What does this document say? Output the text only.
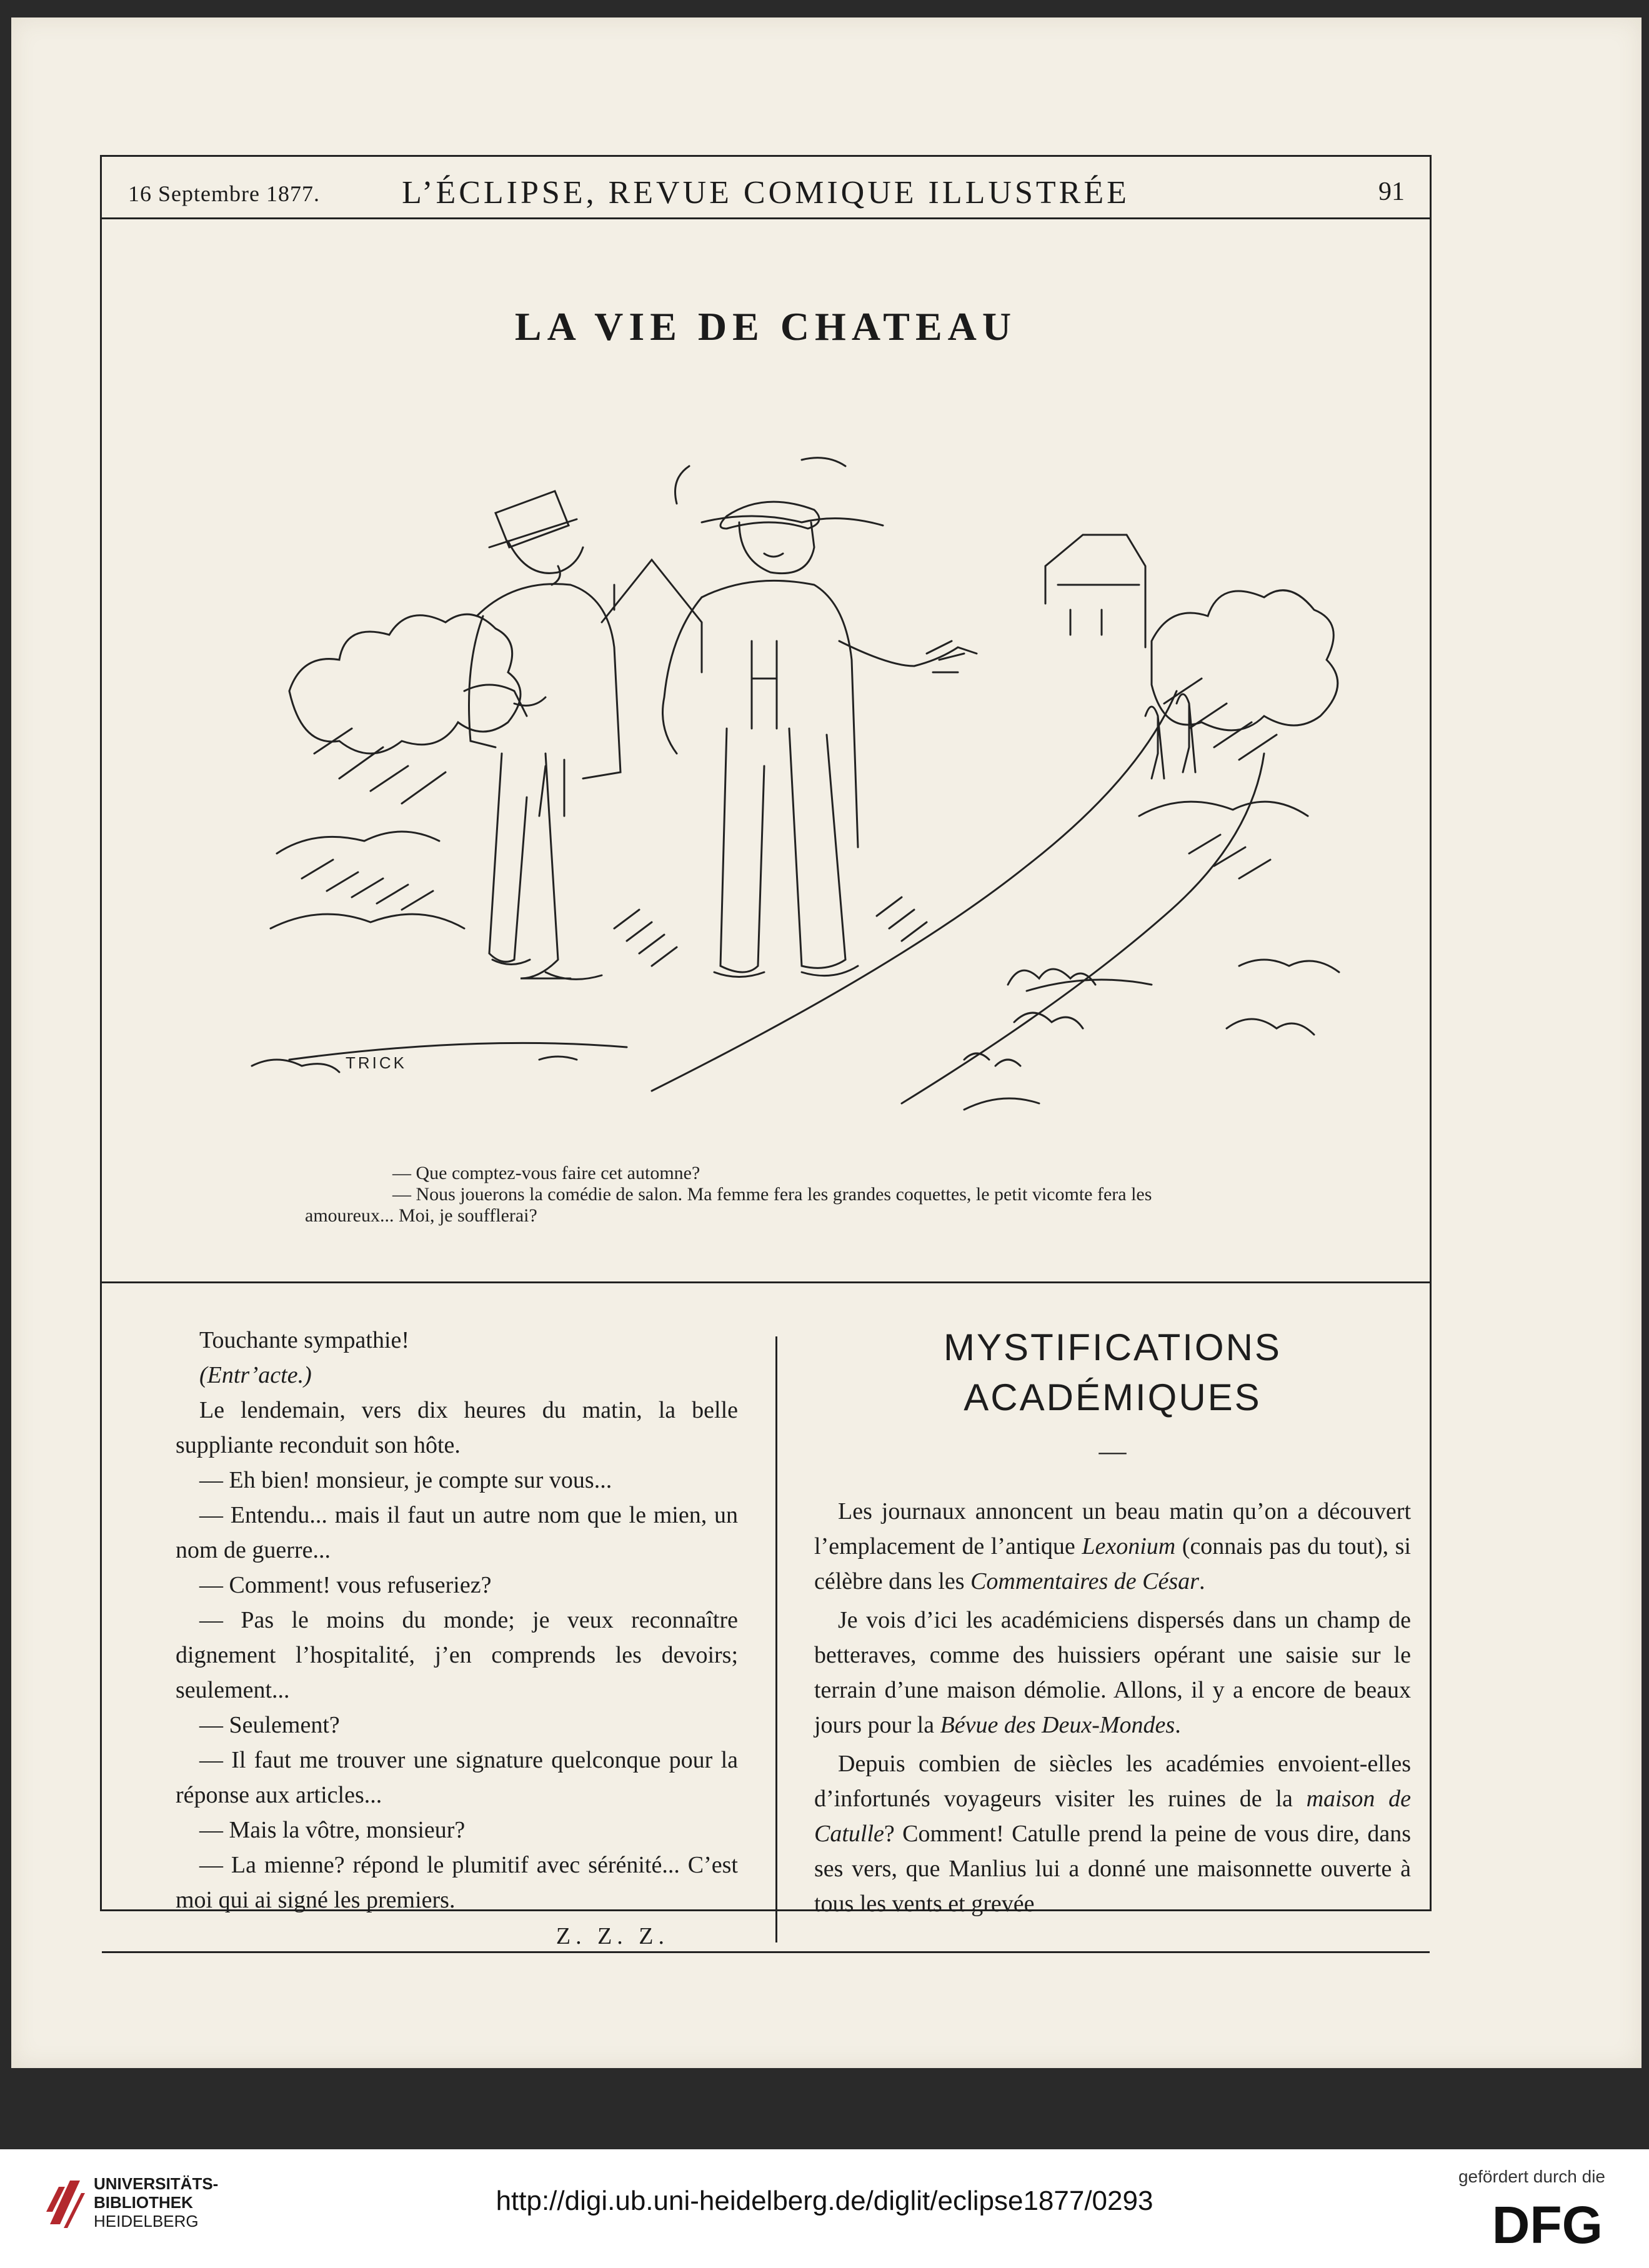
16 Septembre 1877.	L’ÉCLIPSE, REVUE COMIQUE ILLUSTRÉE	91
LA VIE DE CHATEAU
TRICK
— Que comptez-vous faire cet automne?
— Nous jouerons la comédie de salon. Ma femme fera les grandes coquettes, le petit vicomte fera les
amoureux... Moi, je soufflerai?

Touchante sympathie!

(Entr’acte.)

Le lendemain, vers dix heures du matin, la belle suppliante reconduit son hôte.

— Eh bien! monsieur, je compte sur vous...

— Entendu... mais il faut un autre nom que le mien, un nom de guerre...

— Comment! vous refuseriez?

— Pas le moins du monde; je veux reconnaître dignement l’hospitalité, j’en comprends les devoirs; seulement...

— Seulement?

— Il faut me trouver une signature quelconque pour la réponse aux articles...

— Mais la vôtre, monsieur?

— La mienne? répond le plumitif avec sérénité... C’est moi qui ai signé les premiers.

Z. Z. Z.

MYSTIFICATIONS ACADÉMIQUES
—

Les journaux annoncent un beau matin qu’on a découvert l’emplacement de l’antique Lexonium (connais pas du tout), si célèbre dans les Commentaires de César.

Je vois d’ici les académiciens dispersés dans un champ de betteraves, comme des huissiers opérant une saisie sur le terrain d’une maison démolie. Allons, il y a encore de beaux jours pour la Bévue des Deux-Mondes.

Depuis combien de siècles les académies envoient-elles d’infortunés voyageurs visiter les ruines de la maison de Catulle? Comment! Catulle prend la peine de vous dire, dans ses vers, que Manlius lui a donné une maisonnette ouverte à tous les vents et grevée

UNIVERSITÄTS-
BIBLIOTHEK
HEIDELBERG
http://digi.ub.uni-heidelberg.de/diglit/eclipse1877/0293
gefördert durch die
DFG
